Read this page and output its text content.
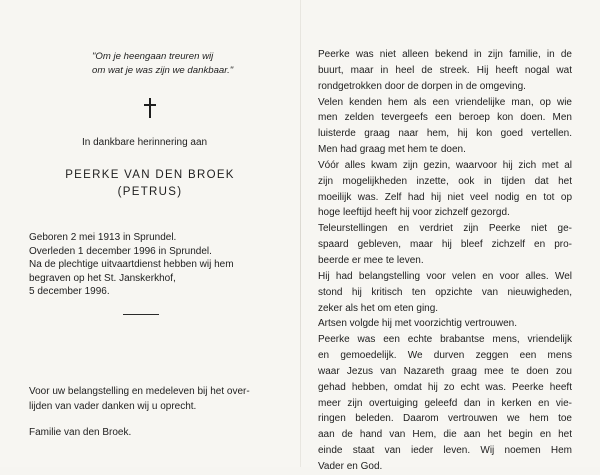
"Om je heengaan treuren wij
om wat je was zijn we dankbaar."
In dankbare herinnering aan
PEERKE VAN DEN BROEK
(PETRUS)
Geboren 2 mei 1913 in Sprundel.
Overleden 1 december 1996 in Sprundel.
Na de plechtige uitvaartdienst hebben wij hem
begraven op het St. Janskerkhof,
5 december 1996.
Voor uw belangstelling en medeleven bij het over-
lijden van vader danken wij u oprecht.
Familie van den Broek.
Peerke was niet alleen bekend in zijn familie, in de
buurt, maar in heel de streek. Hij heeft nogal wat
rondgetrokken door de dorpen in de omgeving.
Velen kenden hem als een vriendelijke man, op wie
men zelden tevergeefs een beroep kon doen. Men
luisterde graag naar hem, hij kon goed vertellen.
Men had graag met hem te doen.
Vóór alles kwam zijn gezin, waarvoor hij zich met al
zijn mogelijkheden inzette, ook in tijden dat het
moeilijk was. Zelf had hij niet veel nodig en tot op
hoge leeftijd heeft hij voor zichzelf gezorgd.
Teleurstellingen en verdriet zijn Peerke niet ge-
spaard gebleven, maar hij bleef zichzelf en pro-
beerde er mee te leven.
Hij had belangstelling voor velen en voor alles. Wel
stond hij kritisch ten opzichte van nieuwigheden,
zeker als het om eten ging.
Artsen volgde hij met voorzichtig vertrouwen.
Peerke was een echte brabantse mens, vriendelijk
en gemoedelijk. We durven zeggen een mens
waar Jezus van Nazareth graag mee te doen zou
gehad hebben, omdat hij zo echt was. Peerke heeft
meer zijn overtuiging geleefd dan in kerken en vie-
ringen beleden. Daarom vertrouwen we hem toe
aan de hand van Hem, die aan het begin en het
einde staat van ieder leven. Wij noemen Hem
Vader en God.
